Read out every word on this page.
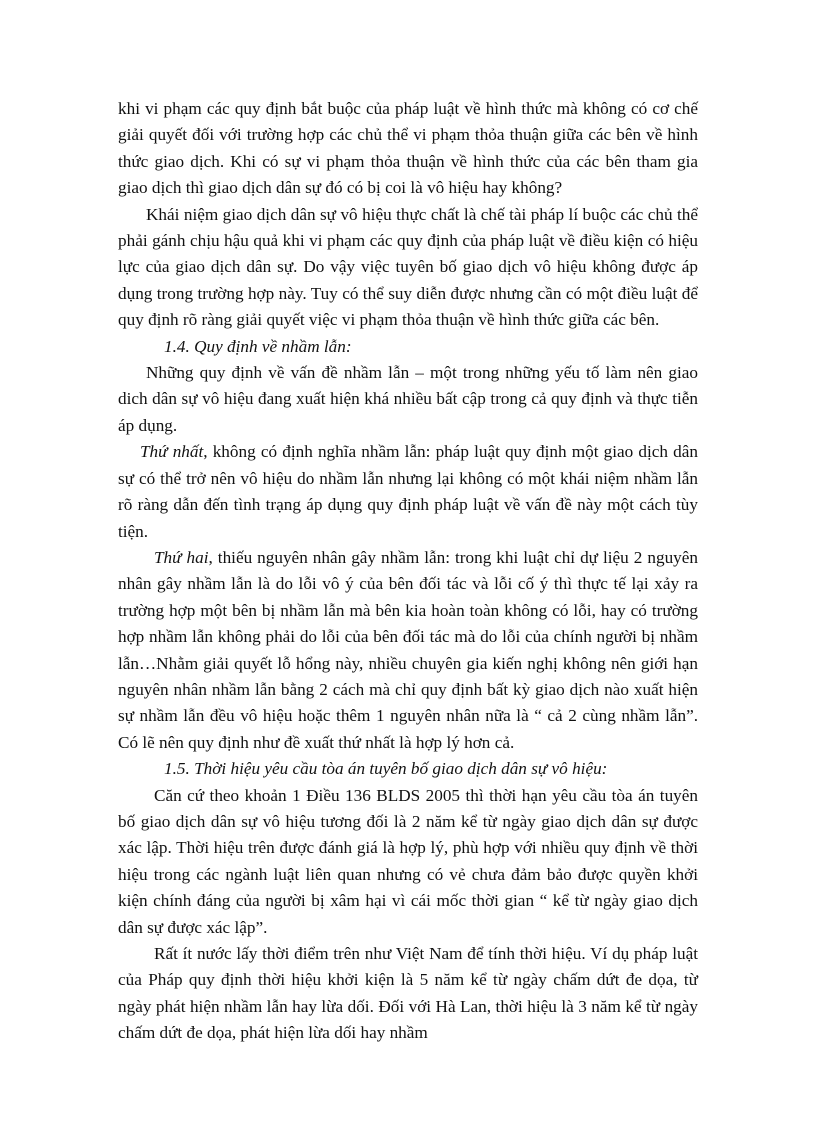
khi vi phạm các quy định bắt buộc của pháp luật về hình thức mà không có cơ chế giải quyết đối với trường hợp các chủ thể vi phạm thỏa thuận giữa các bên về hình thức giao dịch. Khi có sự vi phạm thỏa thuận về hình thức của các bên tham gia giao dịch thì giao dịch dân sự đó có bị coi là vô hiệu hay không?

Khái niệm giao dịch dân sự vô hiệu thực chất là chế tài pháp lí buộc các chủ thể phải gánh chịu hậu quả khi vi phạm các quy định của pháp luật về điều kiện có hiệu lực của giao dịch dân sự. Do vậy việc tuyên bố giao dịch vô hiệu không được áp dụng trong trường hợp này. Tuy có thể suy diễn được nhưng cần có một điều luật để quy định rõ ràng giải quyết việc vi phạm thỏa thuận về hình thức giữa các bên.

1.4. Quy định về nhầm lẫn:

Những quy định về vấn đề nhầm lẫn – một trong những yếu tố làm nên giao dich dân sự vô hiệu đang xuất hiện khá nhiều bất cập trong cả quy định và thực tiễn áp dụng.

Thứ nhất, không có định nghĩa nhầm lẫn: pháp luật quy định một giao dịch dân sự có thể trở nên vô hiệu do nhầm lẫn nhưng lại không có một khái niệm nhầm lẫn rõ ràng dẫn đến tình trạng áp dụng quy định pháp luật về vấn đề này một cách tùy tiện.

Thứ hai, thiếu nguyên nhân gây nhầm lẫn: trong khi luật chỉ dự liệu 2 nguyên nhân gây nhầm lẫn là do lỗi vô ý của bên đối tác và lỗi cố ý thì thực tế lại xảy ra trường hợp một bên bị nhầm lẫn mà bên kia hoàn toàn không có lỗi, hay có trường hợp nhầm lẫn không phải do lỗi của bên đối tác mà do lỗi của chính người bị nhầm lẫn…Nhằm giải quyết lỗ hổng này, nhiều chuyên gia kiến nghị không nên giới hạn nguyên nhân nhầm lẫn bằng 2 cách mà chỉ quy định bất kỳ giao dịch nào xuất hiện sự nhầm lẫn đều vô hiệu hoặc thêm 1 nguyên nhân nữa là “ cả 2 cùng nhầm lẫn”. Có lẽ nên quy định như đề xuất thứ nhất là hợp lý hơn cả.

1.5. Thời hiệu yêu cầu tòa án tuyên bố giao dịch dân sự vô hiệu:

Căn cứ theo khoản 1 Điều 136 BLDS 2005 thì thời hạn yêu cầu tòa án tuyên bố giao dịch dân sự vô hiệu tương đối là 2 năm kể từ ngày giao dịch dân sự được xác lập. Thời hiệu trên được đánh giá là hợp lý, phù hợp với nhiều quy định về thời hiệu trong các ngành luật liên quan nhưng có vẻ chưa đảm bảo được quyền khởi kiện chính đáng của người bị xâm hại vì cái mốc thời gian “ kể từ ngày giao dịch dân sự được xác lập”.

Rất ít nước lấy thời điểm trên như Việt Nam để tính thời hiệu. Ví dụ pháp luật của Pháp quy định thời hiệu khởi kiện là 5 năm kể từ ngày chấm dứt đe dọa, từ ngày phát hiện nhầm lẫn hay lừa dối. Đối với Hà Lan, thời hiệu là 3 năm kể từ ngày chấm dứt đe dọa, phát hiện lừa dối hay nhầm
